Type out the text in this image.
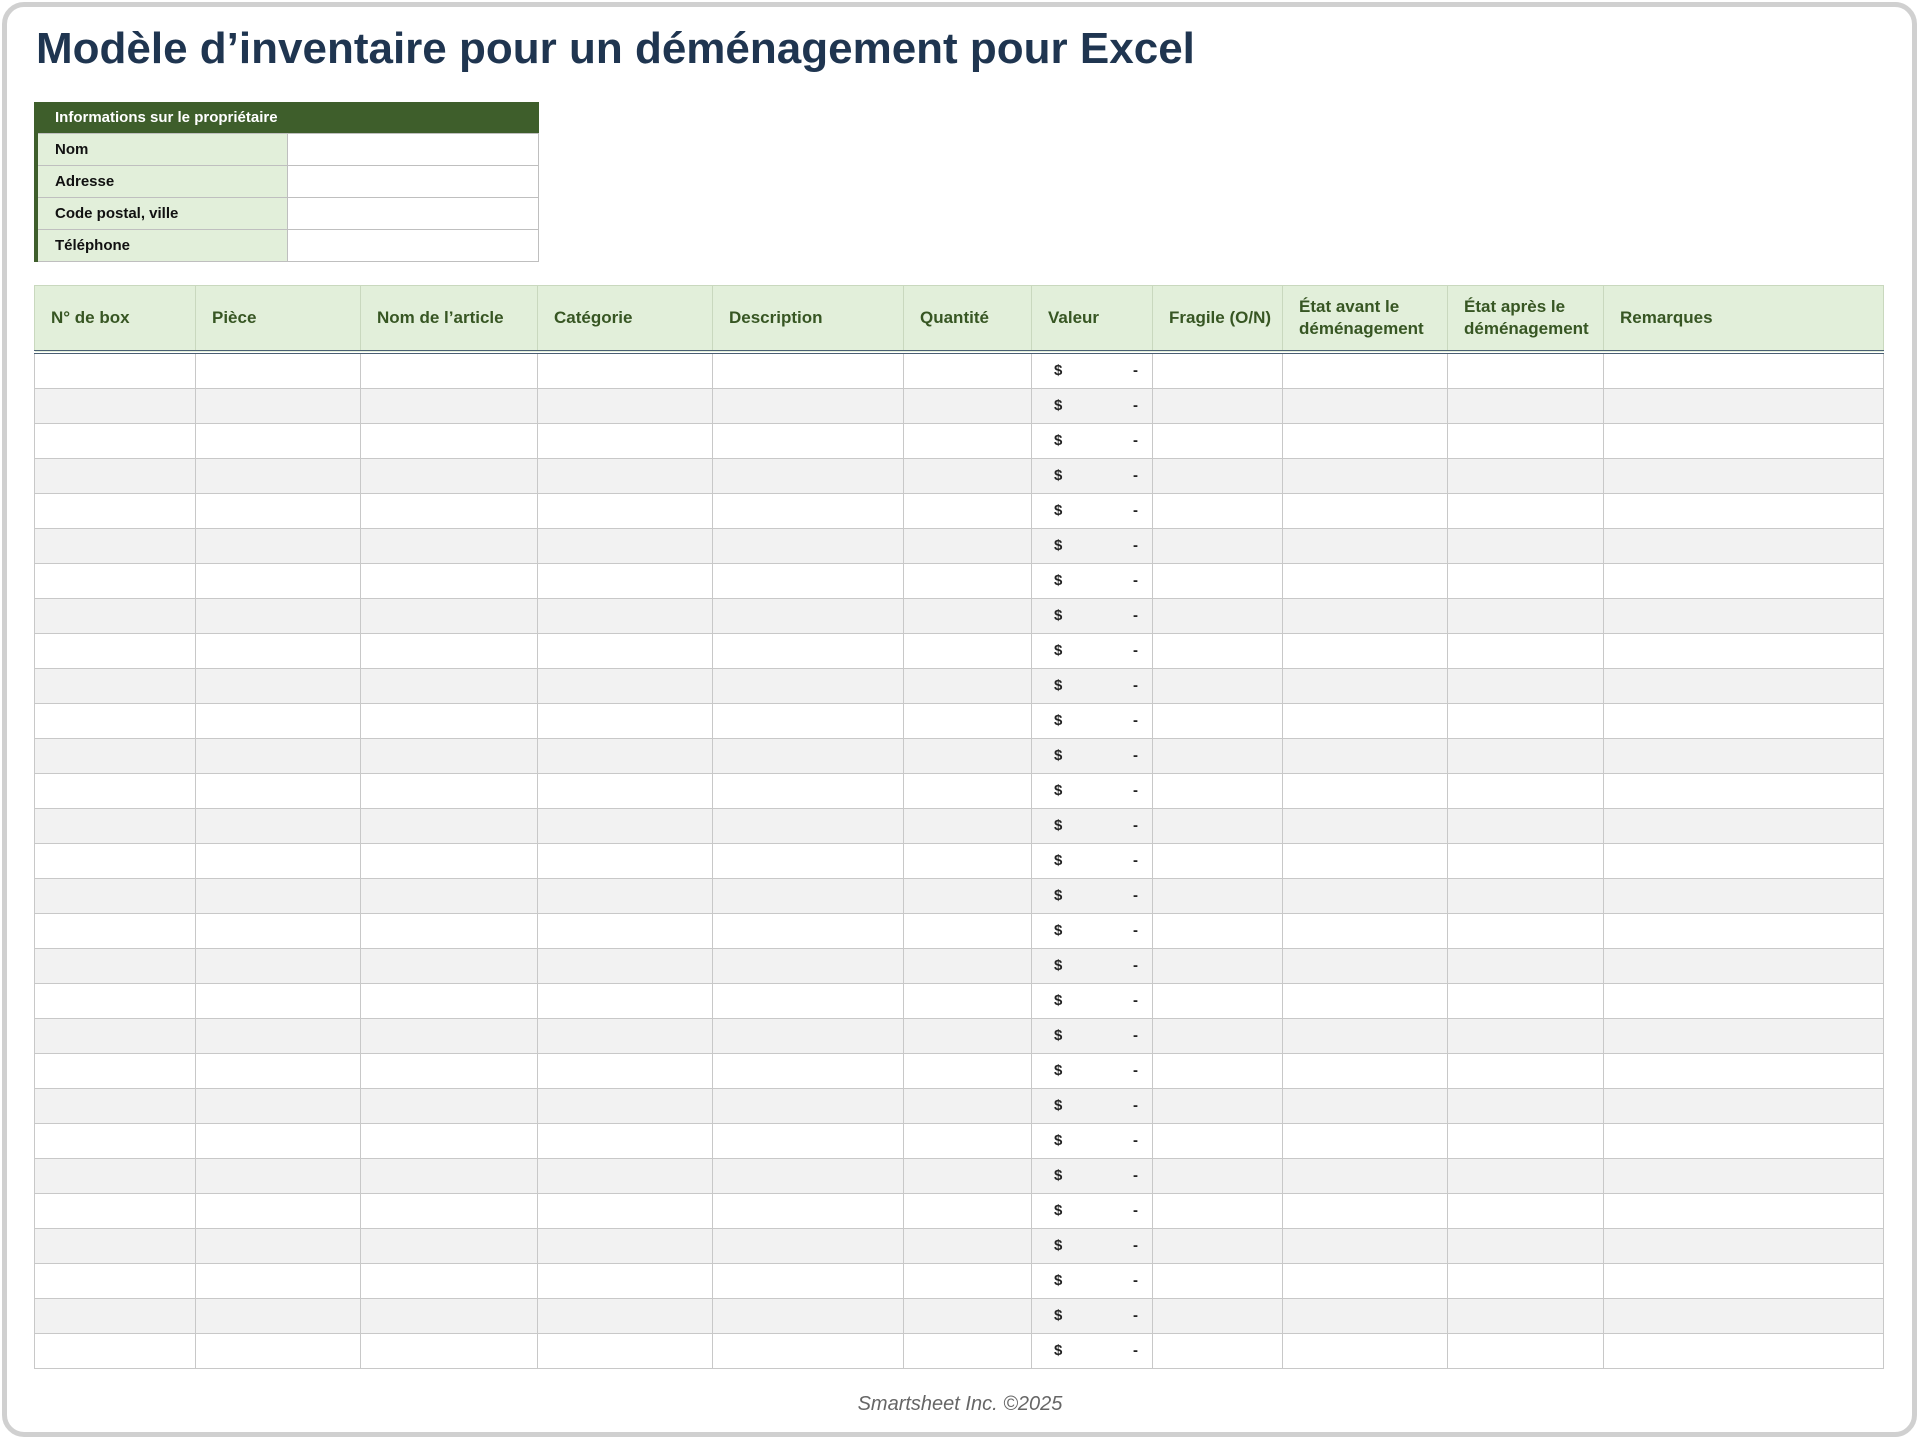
Modèle d’inventaire pour un déménagement pour Excel
Informations sur le propriétaire	
Nom	
Adresse	
Code postal, ville	
Téléphone	
N° de box	Pièce	Nom de l’article	Catégorie	Description	Quantité	Valeur	Fragile (O/N)	État avant le déménagement	État après le déménagement	Remarques

						$ -				

						$ -				

						$ -				

						$ -				

						$ -				

						$ -				

						$ -				

						$ -				

						$ -				

						$ -				

						$ -				

						$ -				

						$ -				

						$ -				

						$ -				

						$ -				

						$ -				

						$ -				

						$ -				

						$ -				

						$ -				

						$ -				

						$ -				

						$ -				

						$ -				

						$ -				

						$ -				

						$ -				

						$ -				

Smartsheet Inc. ©2025
